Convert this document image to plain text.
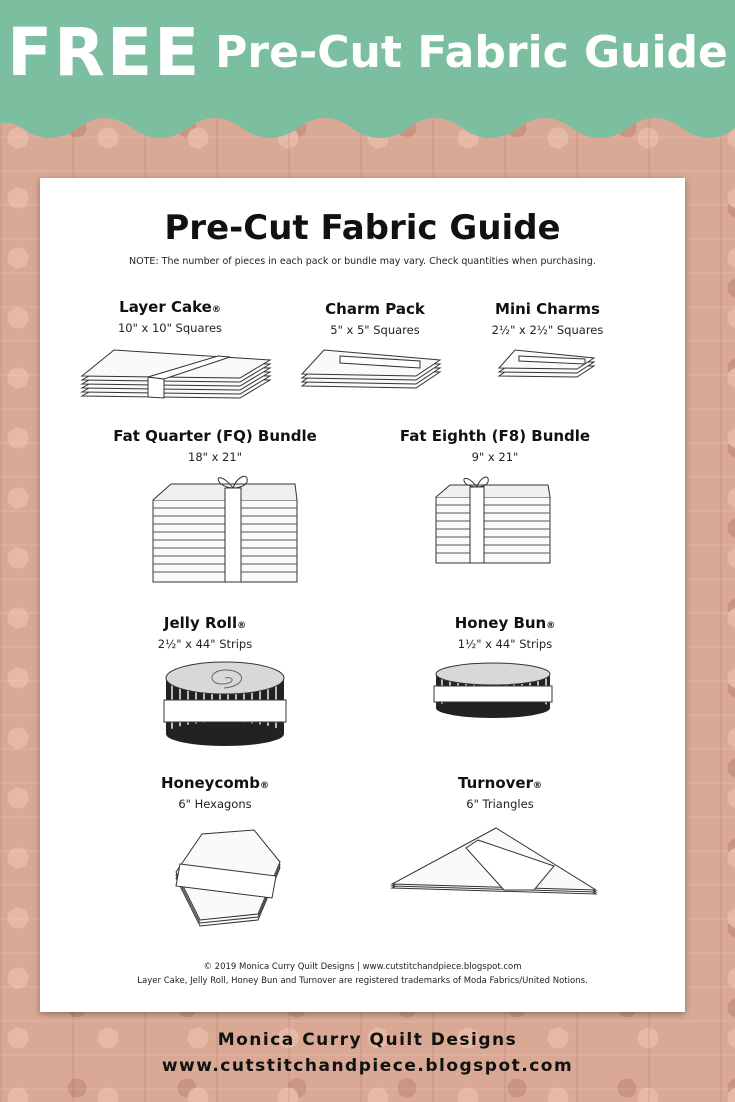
FREE Pre-Cut Fabric Guide
Pre-Cut Fabric Guide
NOTE: The number of pieces in each pack or bundle may vary. Check quantities when purchasing.
Layer Cake®
10" x 10" Squares
Charm Pack
5" x 5" Squares
Mini Charms
2½" x 2½" Squares
Fat Quarter (FQ) Bundle
18" x 21"
Fat Eighth (F8) Bundle
9" x 21"
Jelly Roll®
2½" x 44" Strips
Honey Bun®
1½" x 44" Strips
Honeycomb®
6" Hexagons
Turnover®
6" Triangles
© 2019 Monica Curry Quilt Designs | www.cutstitchandpiece.blogspot.com
Layer Cake, Jelly Roll, Honey Bun and Turnover are registered trademarks of Moda Fabrics/United Notions.
Monica Curry Quilt Designs
www.cutstitchandpiece.blogspot.com
